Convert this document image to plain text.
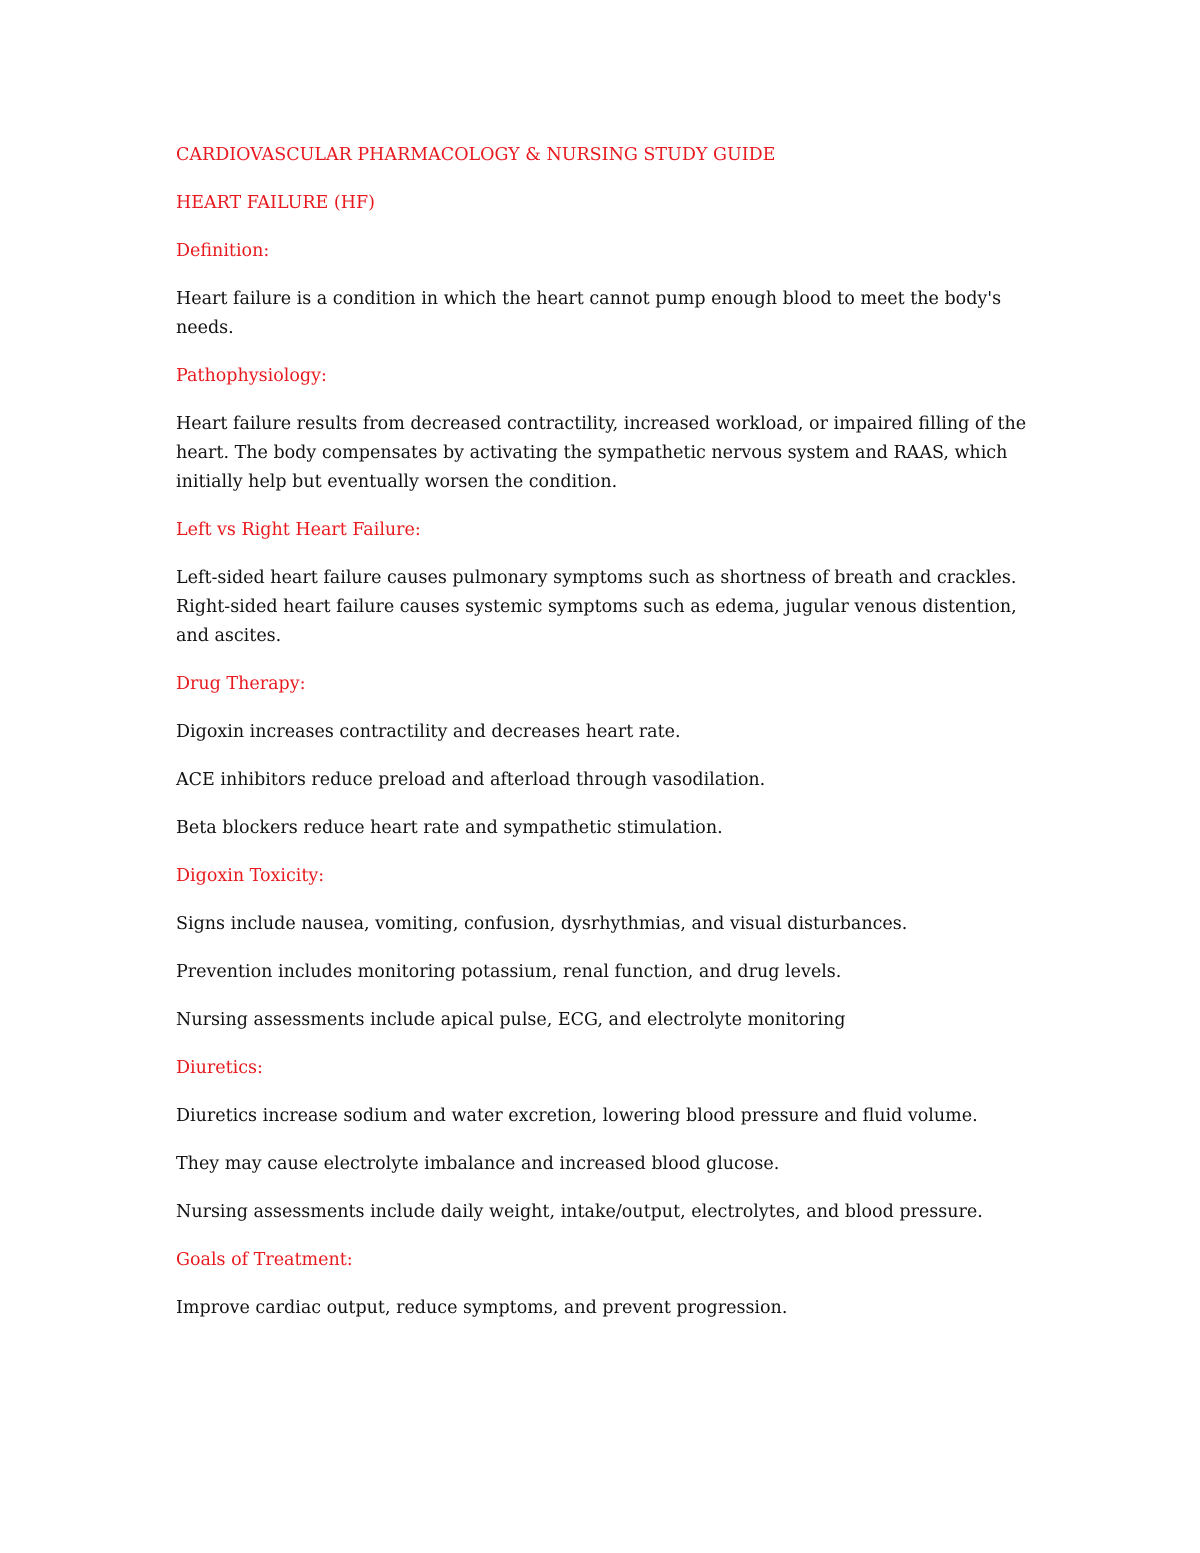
CARDIOVASCULAR PHARMACOLOGY & NURSING STUDY GUIDE
HEART FAILURE (HF)
Definition:
Heart failure is a condition in which the heart cannot pump enough blood to meet the body's needs.
Pathophysiology:
Heart failure results from decreased contractility, increased workload, or impaired filling of the heart. The body compensates by activating the sympathetic nervous system and RAAS, which initially help but eventually worsen the condition.
Left vs Right Heart Failure:
Left-sided heart failure causes pulmonary symptoms such as shortness of breath and crackles. Right-sided heart failure causes systemic symptoms such as edema, jugular venous distention, and ascites.
Drug Therapy:
Digoxin increases contractility and decreases heart rate.
ACE inhibitors reduce preload and afterload through vasodilation.
Beta blockers reduce heart rate and sympathetic stimulation.
Digoxin Toxicity:
Signs include nausea, vomiting, confusion, dysrhythmias, and visual disturbances.
Prevention includes monitoring potassium, renal function, and drug levels.
Nursing assessments include apical pulse, ECG, and electrolyte monitoring
Diuretics:
Diuretics increase sodium and water excretion, lowering blood pressure and fluid volume.
They may cause electrolyte imbalance and increased blood glucose.
Nursing assessments include daily weight, intake/output, electrolytes, and blood pressure.
Goals of Treatment:
Improve cardiac output, reduce symptoms, and prevent progression.
